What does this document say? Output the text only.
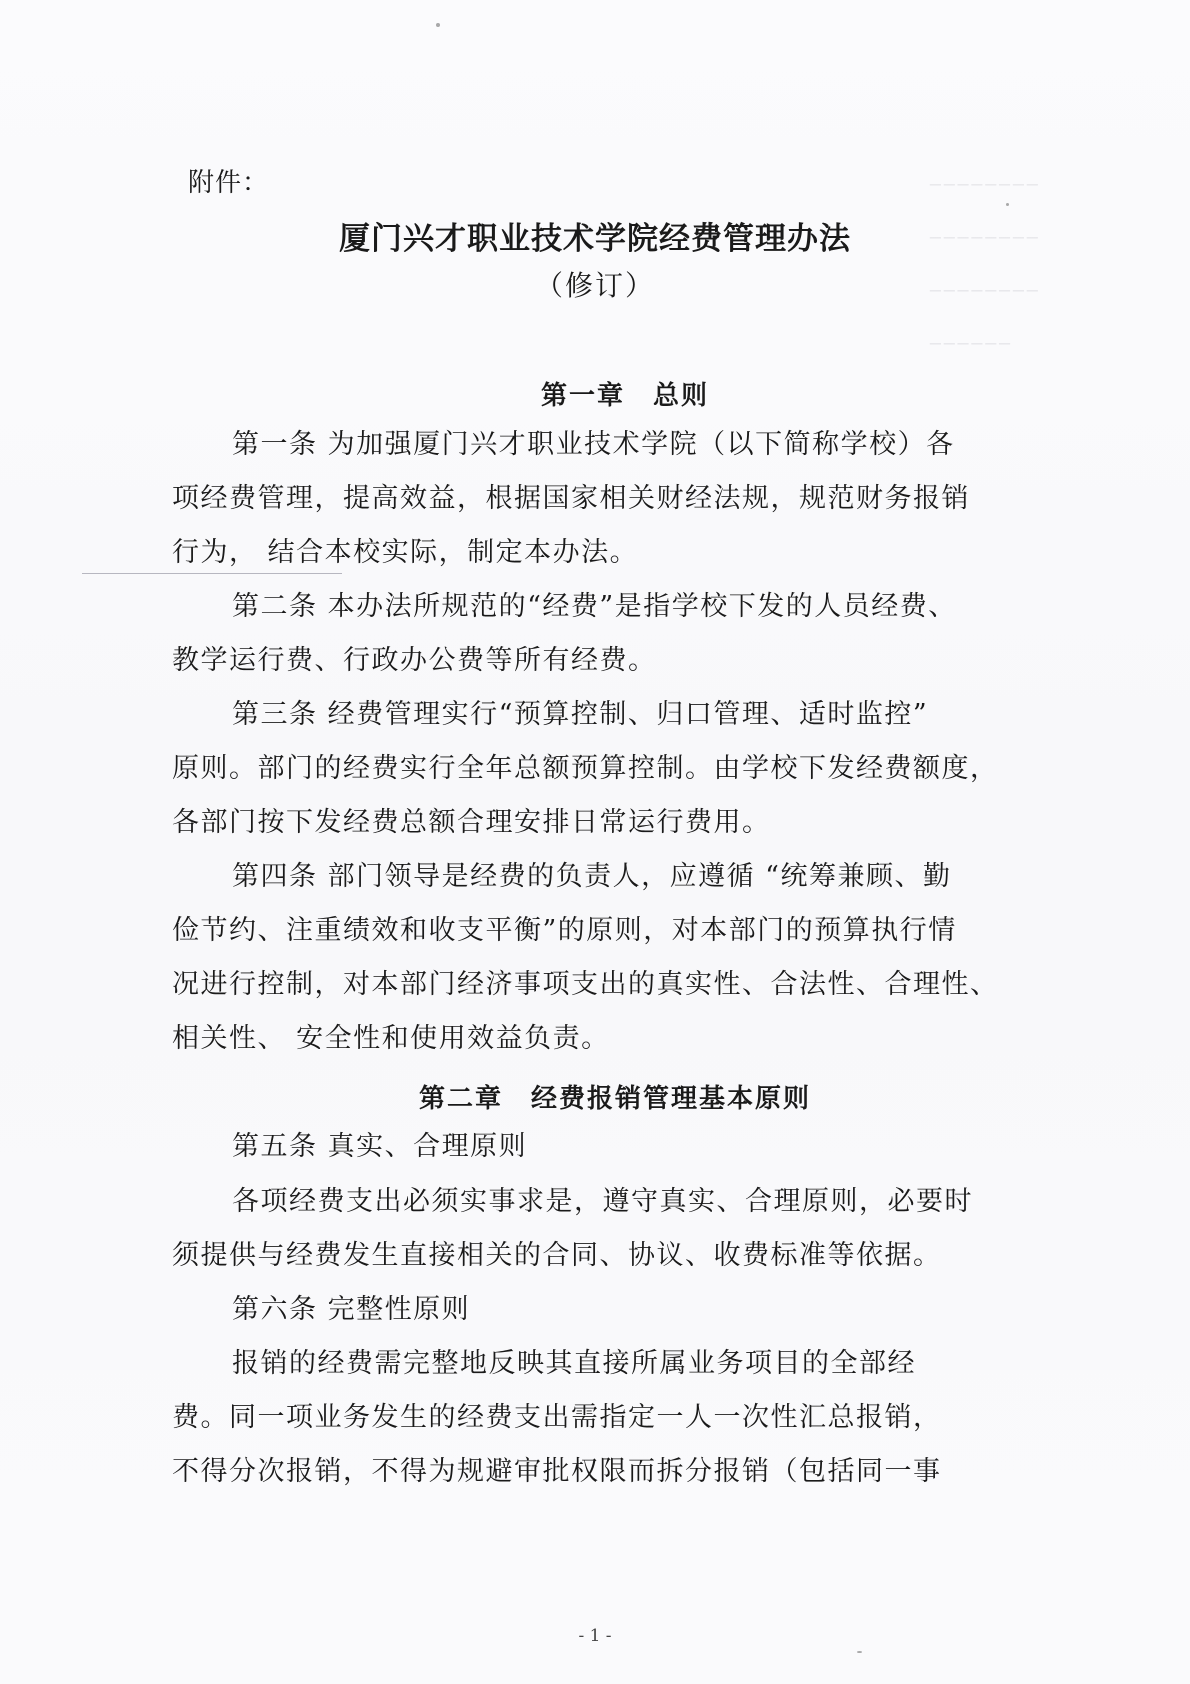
────────
────────
────────
──────
附件：
厦门兴才职业技术学院经费管理办法
（修订）
第一章　总则
第一条 为加强厦门兴才职业技术学院（以下简称学校）各
项经费管理，提高效益，根据国家相关财经法规，规范财务报销
行为， 结合本校实际，制定本办法。
第二条 本办法所规范的“经费”是指学校下发的人员经费、
教学运行费、行政办公费等所有经费。
第三条 经费管理实行“预算控制、归口管理、适时监控”
原则。部门的经费实行全年总额预算控制。由学校下发经费额度，
各部门按下发经费总额合理安排日常运行费用。
第四条 部门领导是经费的负责人，应遵循 “统筹兼顾、勤
俭节约、注重绩效和收支平衡”的原则，对本部门的预算执行情
况进行控制，对本部门经济事项支出的真实性、合法性、合理性、
相关性、 安全性和使用效益负责。
第二章　经费报销管理基本原则
第五条 真实、合理原则
各项经费支出必须实事求是，遵守真实、合理原则，必要时
须提供与经费发生直接相关的合同、协议、收费标准等依据。
第六条 完整性原则
报销的经费需完整地反映其直接所属业务项目的全部经
费。同一项业务发生的经费支出需指定一人一次性汇总报销，
不得分次报销，不得为规避审批权限而拆分报销（包括同一事
- 1 -
